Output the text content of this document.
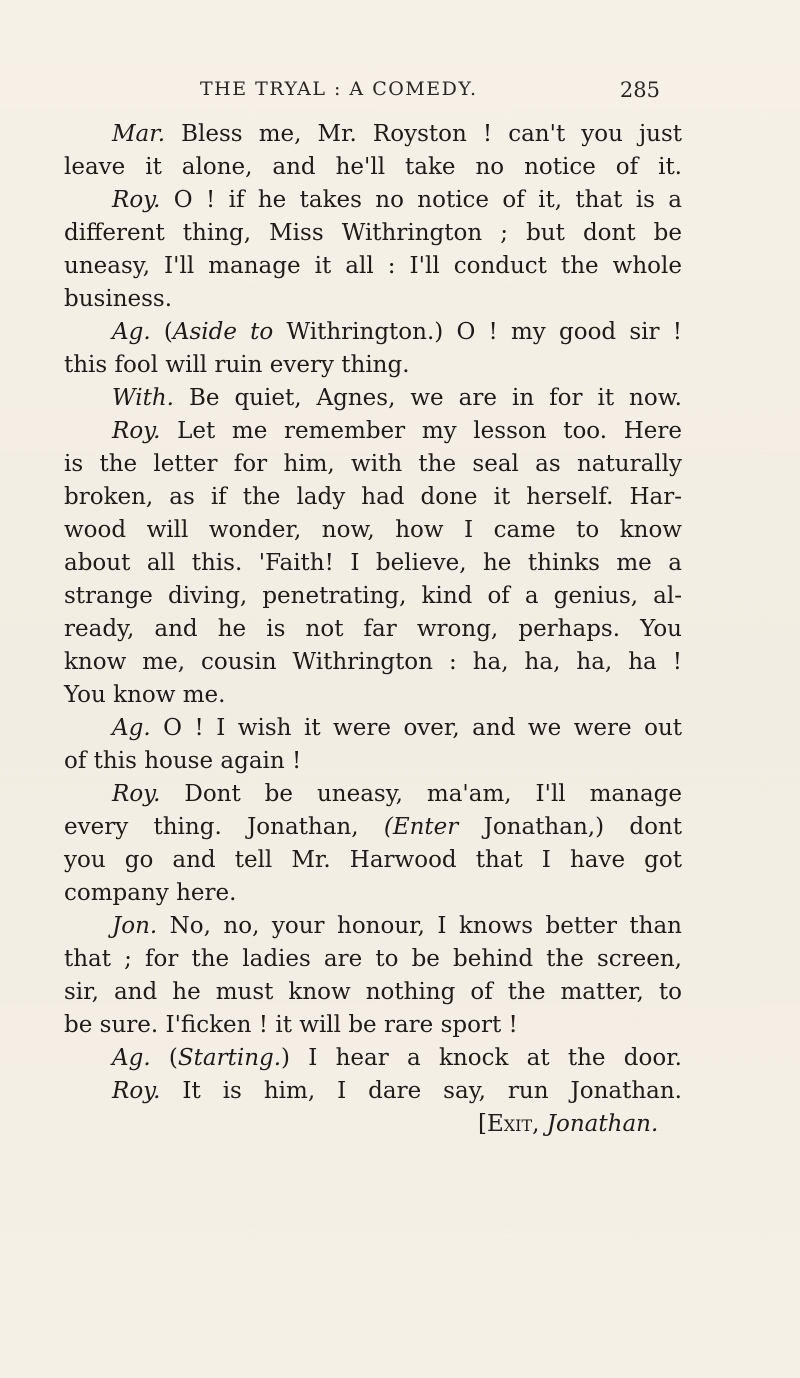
THE TRYAL : A COMEDY.	285
Mar. Bless me, Mr. Royston ! can't you just
leave it alone, and he'll take no notice of it.
Roy. O ! if he takes no notice of it, that is a
different thing, Miss Withrington ; but dont be
uneasy, I'll manage it all : I'll conduct the whole
business.
Ag. (Aside to Withrington.) O ! my good sir !
this fool will ruin every thing.
With. Be quiet, Agnes, we are in for it now.
Roy. Let me remember my lesson too. Here
is the letter for him, with the seal as naturally
broken, as if the lady had done it herself. Har-
wood will wonder, now, how I came to know
about all this. 'Faith! I believe, he thinks me a
strange diving, penetrating, kind of a genius, al-
ready, and he is not far wrong, perhaps. You
know me, cousin Withrington : ha, ha, ha, ha !
You know me.
Ag. O ! I wish it were over, and we were out
of this house again !
Roy. Dont be uneasy, ma'am, I'll manage
every thing. Jonathan, (Enter Jonathan,) dont
you go and tell Mr. Harwood that I have got
company here.
Jon. No, no, your honour, I knows better than
that ; for the ladies are to be behind the screen,
sir, and he must know nothing of the matter, to
be sure. I'ficken ! it will be rare sport !
Ag. (Starting.) I hear a knock at the door.
Roy. It is him, I dare say, run Jonathan.
[Exit, Jonathan.
